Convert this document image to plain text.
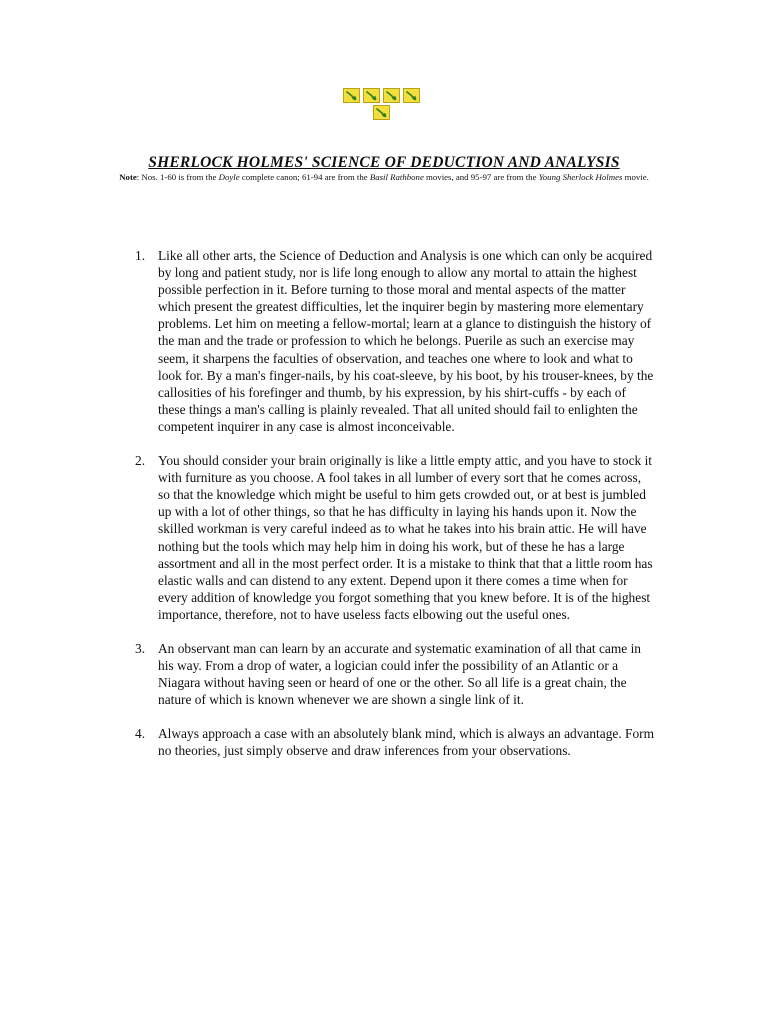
SHERLOCK HOLMES' SCIENCE OF DEDUCTION AND ANALYSIS

Note: Nos. 1-60 is from the Doyle complete canon; 61-94 are from the Basil Rathbone movies, and 95-97 are from the Young Sherlock Holmes movie.

1. Like all other arts, the Science of Deduction and Analysis is one which can only be acquired by long and patient study, nor is life long enough to allow any mortal to attain the highest possible perfection in it. Before turning to those moral and mental aspects of the matter which present the greatest difficulties, let the inquirer begin by mastering more elementary problems. Let him on meeting a fellow-mortal; learn at a glance to distinguish the history of the man and the trade or profession to which he belongs. Puerile as such an exercise may seem, it sharpens the faculties of observation, and teaches one where to look and what to look for. By a man's finger-nails, by his coat-sleeve, by his boot, by his trouser-knees, by the callosities of his forefinger and thumb, by his expression, by his shirt-cuffs - by each of these things a man's calling is plainly revealed. That all united should fail to enlighten the competent inquirer in any case is almost inconceivable.
2. You should consider your brain originally is like a little empty attic, and you have to stock it with furniture as you choose. A fool takes in all lumber of every sort that he comes across, so that the knowledge which might be useful to him gets crowded out, or at best is jumbled up with a lot of other things, so that he has difficulty in laying his hands upon it. Now the skilled workman is very careful indeed as to what he takes into his brain attic. He will have nothing but the tools which may help him in doing his work, but of these he has a large assortment and all in the most perfect order. It is a mistake to think that that a little room has elastic walls and can distend to any extent. Depend upon it there comes a time when for every addition of knowledge you forgot something that you knew before. It is of the highest importance, therefore, not to have useless facts elbowing out the useful ones.
3. An observant man can learn by an accurate and systematic examination of all that came in his way. From a drop of water, a logician could infer the possibility of an Atlantic or a Niagara without having seen or heard of one or the other. So all life is a great chain, the nature of which is known whenever we are shown a single link of it.
4. Always approach a case with an absolutely blank mind, which is always an advantage. Form no theories, just simply observe and draw inferences from your observations.
